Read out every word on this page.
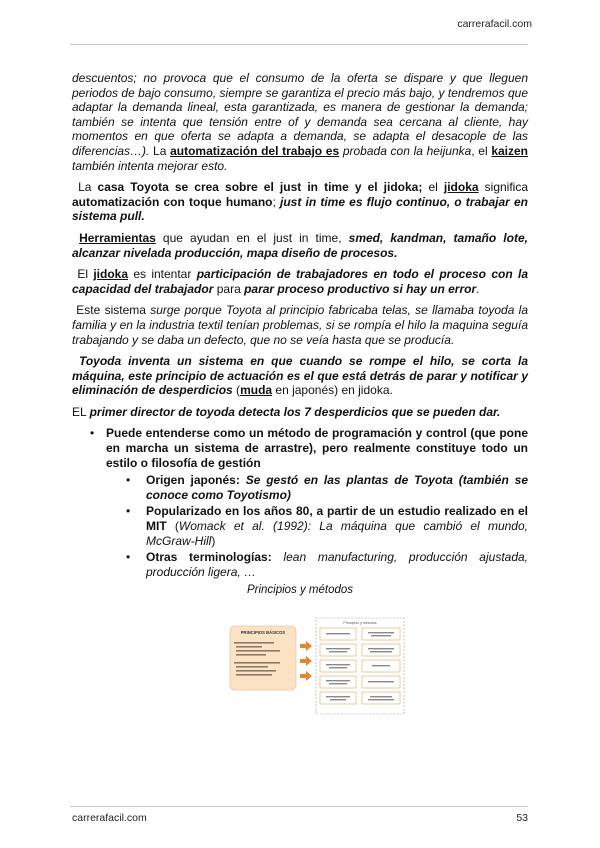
carrerafacil.com

descuentos; no provoca que el consumo de la oferta se dispare y que lleguen periodos de bajo consumo, siempre se garantiza el precio más bajo, y tendremos que adaptar la demanda lineal, esta garantizada, es manera de gestionar la demanda; también se intenta que tensión entre of y demanda sea cercana al cliente, hay momentos en que oferta se adapta a demanda, se adapta el desacople de las diferencias…). La automatización del trabajo es probada con la heijunka, el kaizen también intenta mejorar esto.

La casa Toyota se crea sobre el just in time y el jidoka; el jidoka significa automatización con toque humano; just in time es flujo continuo, o trabajar en sistema pull.

Herramientas que ayudan en el just in time, smed, kandman, tamaño lote, alcanzar nivelada producción, mapa diseño de procesos.

El jidoka es intentar participación de trabajadores en todo el proceso con la capacidad del trabajador para parar proceso productivo si hay un error.

Este sistema surge porque Toyota al principio fabricaba telas, se llamaba toyoda la familia y en la industria textil tenían problemas, si se rompía el hilo la maquina seguía trabajando y se daba un defecto, que no se veía hasta que se producía.

Toyoda inventa un sistema en que cuando se rompe el hilo, se corta la máquina, este principio de actuación es el que está detrás de parar y notificar y eliminación de desperdicios (muda en japonés) en jidoka.

EL primer director de toyoda detecta los 7 desperdicios que se pueden dar.

• Puede entenderse como un método de programación y control (que pone en marcha un sistema de arrastre), pero realmente constituye todo un estilo o filosofía de gestión
• Origen japonés: Se gestó en las plantas de Toyota (también se conoce como Toyotismo)
• Popularizado en los años 80, a partir de un estudio realizado en el MIT (Womack et al. (1992): La máquina que cambió el mundo, McGraw-Hill)
• Otras terminologías: lean manufacturing, producción ajustada, producción ligera, …
Principios y métodos
PRINCIPIOS BÁSICOS
Principios y métodos
carrerafacil.com	53
